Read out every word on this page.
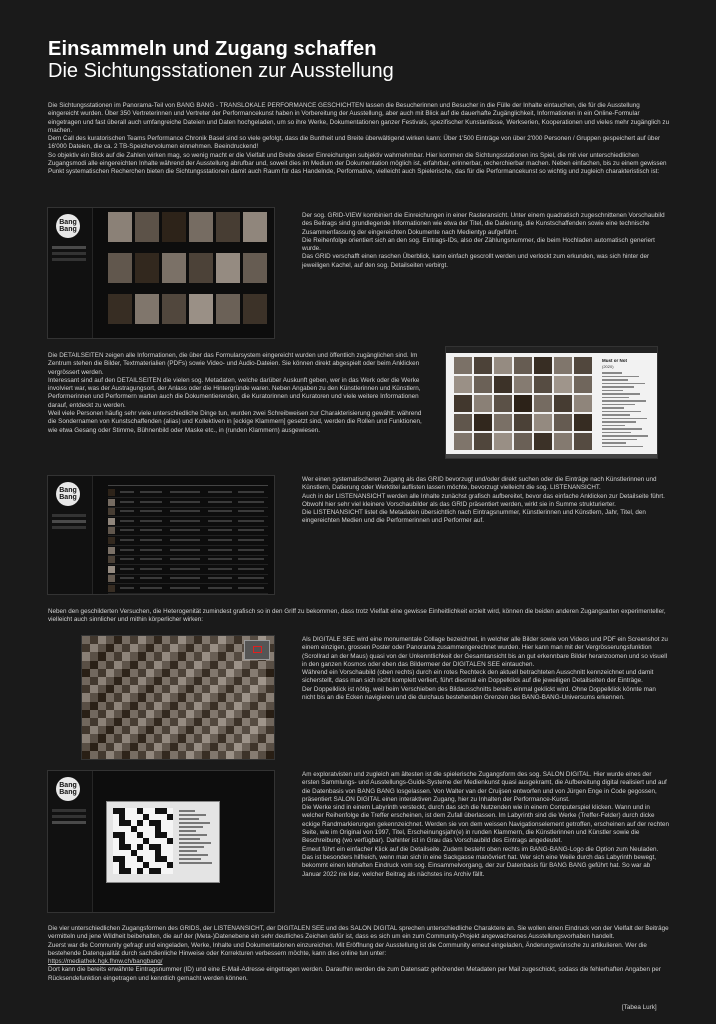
Einsammeln und Zugang schaffen
Die Sichtungsstationen zur Ausstellung

Die Sichtungsstationen im Panorama-Teil von BANG BANG - TRANSLOKALE PERFORMANCE GESCHICHTEN lassen die Besucherinnen und Besucher in die Fülle der Inhalte eintauchen, die für die Ausstellung eingereicht wurden. Über 350 Vertreterinnen und Vertreter der Performancekunst haben in Vorbereitung der Ausstellung, aber auch mit Blick auf die dauerhafte Zugänglichkeit, Informationen in ein Online-Formular eingetragen und fast überall auch umfangreiche Dateien und Daten hochgeladen, um so ihre Werke, Dokumentationen ganzer Festivals, spezifischer Kunstanlässe, Werkserien, Kooperationen und vieles mehr zugänglich zu machen.

Dem Call des kuratorischen Teams Performance Chronik Basel sind so viele gefolgt, dass die Buntheit und Breite überwältigend wirken kann: Über 1'500 Einträge von über 2'000 Personen / Gruppen gespeichert auf über 16'000 Dateien, die ca. 2 TB-Speichervolumen einnehmen. Beeindruckend!

So objektiv ein Blick auf die Zahlen wirken mag, so wenig macht er die Vielfalt und Breite dieser Einreichungen subjektiv wahrnehmbar. Hier kommen die Sichtungsstationen ins Spiel, die mit vier unterschiedlichen Zugangsmodi alle eingereichten Inhalte während der Ausstellung abrufbar und, soweit dies im Medium der Dokumentation möglich ist, erfahrbar, erinnerbar, recherchierbar machen. Neben einfachen, bis zu einem gewissen Punkt systematischen Recherchen bieten die Sichtungsstationen damit auch Raum für das Handelnde, Performative, vielleicht auch Spielerische, das für die Performancekunst so wichtig und zugleich charakteristisch ist:

Bang Bang

Der sog. GRID-VIEW kombiniert die Einreichungen in einer Rasteransicht. Unter einem quadratisch zugeschnittenen Vorschaubild des Beitrags sind grundlegende Informationen wie etwa der Titel, die Datierung, die Kunstschaffenden sowie eine technische Zusammenfassung der eingereichten Dokumente nach Medientyp aufgeführt.

Die Reihenfolge orientiert sich an den sog. Eintrags-IDs, also der Zählungsnummer, die beim Hochladen automatisch generiert wurde.

Das GRID verschafft einen raschen Überblick, kann einfach gescrollt werden und verlockt zum erkunden, was sich hinter der jeweiligen Kachel, auf den sog. Detailseiten verbirgt.

Die DETAILSEITEN zeigen alle Informationen, die über das Formularsystem eingereicht wurden und öffentlich zugänglichen sind. Im Zentrum stehen die Bilder, Textmaterialien (PDFs) sowie Video- und Audio-Dateien. Sie können direkt abgespielt oder beim Anklicken vergrössert werden.

Interessant sind auf den DETAILSEITEN die vielen sog. Metadaten, welche darüber Auskunft geben, wer in das Werk oder die Werke involviert war, was der Austragungsort, der Anlass oder die Hintergründe waren. Neben Angaben zu den Künstlerinnen und Künstlern, Performerinnen und Performern warten auch die Dokumentierenden, die Kuratorinnen und Kuratoren und viele weitere Informationen darauf, entdeckt zu werden.

Weil viele Personen häufig sehr viele unterschiedliche Dinge tun, wurden zwei Schreibweisen zur Charakterisierung gewählt: während die Sondernamen von Kunstschaffenden (alias) und Kollektiven in [eckige Klammern] gesetzt sind, werden die Rollen und Funktionen, wie etwa Gesang oder Stimme, Bühnenbild oder Maske etc., in (runden Klammern) ausgewiesen.

Must or Not
(2020)
Bang Bang

Wer einen systematischeren Zugang als das GRID bevorzugt und/oder direkt suchen oder die Einträge nach Künstlerinnen und Künstlern, Datierung oder Werktitel auflisten lassen möchte, bevorzugt vielleicht die sog. LISTENANSICHT.

Auch in der LISTENANSICHT werden alle Inhalte zunächst grafisch aufbereitet, bevor das einfache Anklicken zur Detailseite führt. Obwohl hier sehr viel kleinere Vorschaubilder als das GRID präsentiert werden, wirkt sie in Summe strukturierter.

Die LISTENANSICHT listet die Metadaten übersichtlich nach Eintragsnummer, Künstlerinnen und Künstlern, Jahr, Titel, den eingereichten Medien und die Performerinnen und Performer auf.

Neben den geschilderten Versuchen, die Heterogenität zumindest grafisch so in den Griff zu bekommen, dass trotz Vielfalt eine gewisse Einheitlichkeit erzielt wird, können die beiden anderen Zugangsarten experimenteller, vielleicht auch sinnlicher und mithin körperlicher wirken:

Als DIGITALE SEE wird eine monumentale Collage bezeichnet, in welcher alle Bilder sowie von Videos und PDF ein Screenshot zu einem einzigen, grossen Poster oder Panorama zusammengerechnet wurden. Hier kann man mit der Vergrösserungsfunktion (Scrollrad an der Maus) quasi von der Unkenntlichkeit der Gesamtansicht bis an gut erkennbare Bilder heranzoomen und so visuell in den ganzen Kosmos oder eben das Bildermeer der DIGITALEN SEE eintauchen.

Während ein Vorschaubild (oben rechts) durch ein rotes Rechteck den aktuell betrachteten Ausschnitt kennzeichnet und damit sicherstellt, dass man sich nicht komplett verliert, führt diesmal ein Doppelklick auf die jeweiligen Detailseiten der Einträge.

Der Doppelklick ist nötig, weil beim Verschieben des Bildausschnitts bereits einmal geklickt wird. Ohne Doppelklick könnte man nicht bis an die Ecken navigieren und die durchaus bestehenden Grenzen des BANG-BANG-Universums erkennen.

Bang Bang

Am exploratvisten und zugleich am ältesten ist die spielerische Zugangsform des sog. SALON DIGITAL. Hier wurde eines der ersten Sammlungs- und Ausstellungs-Guide-Systeme der Medienkunst quasi ausgekramt, die Aufbereitung digital realisiert und auf die Datenbasis von BANG BANG losgelassen. Von Walter van der Cruijsen entworfen und von Jürgen Enge in Code gegossen, präsentiert SALON DIGITAL einen interaktiven Zugang, hier zu Inhalten der Performance-Kunst.

Die Werke sind in einem Labyrinth versteckt, durch das sich die Nutzenden wie in einem Computerspiel klicken. Wann und in welcher Reihenfolge die Treffer erscheinen, ist dem Zufall überlassen. Im Labyrinth sind die Werke (Treffer-Felder) durch dicke eckige Randmarkierungen gekennzeichnet. Werden sie von dem weissen Navigationselement getroffen, erscheinen auf der rechten Seite, wie im Original von 1997, Titel, Erscheinungsjahr(e) in runden Klammern, die Künstlerinnen und Künstler sowie die Beschreibung (wo verfügbar). Dahinter ist in Grau das Vorschaubild des Eintrags angedeutet.

Erneut führt ein einfacher Klick auf die Detailseite. Zudem besteht oben rechts im BANG-BANG-Logo die Option zum Neuladen. Das ist besonders hilfreich, wenn man sich in eine Sackgasse manövriert hat. Wer sich eine Weile durch das Labyrinth bewegt, bekommt einen lebhaften Eindruck vom sog. Einsammelvorgang, der zur Datenbasis für BANG BANG geführt hat. So war ab Januar 2022 nie klar, welcher Beitrag als nächstes ins Archiv fällt.

Die vier unterschiedlichen Zugangsformen des GRIDS, der LISTENANSICHT, der DIGITALEN SEE und des SALON DIGITAL sprechen unterschiedliche Charaktere an. Sie wollen einen Eindruck von der Vielfalt der Beiträge vermitteln und jene Wildheit beibehalten, die auf der (Meta-)Datenebene ein sehr deutliches Zeichen dafür ist, dass es sich um ein zum Community-Projekt angewachsenes Ausstellungsvorhaben handelt.

Zuerst war die Community gefragt und eingeladen, Werke, Inhalte und Dokumentationen einzureichen. Mit Eröffnung der Ausstellung ist die Community erneut eingeladen, Änderungswünsche zu artikulieren. Wer die bestehende Datenqualität durch sachdienliche Hinweise oder Korrekturen verbessern möchte, kann dies online tun unter:

https://mediathek.hgk.fhnw.ch/bangbang/

Dort kann die bereits erwähnte Eintragsnummer (ID) und eine E-Mail-Adresse eingetragen werden. Daraufhin werden die zum Datensatz gehörenden Metadaten per Mail zugeschickt, sodass die fehlerhaften Angaben per Rücksendefunktion eingetragen und kenntlich gemacht werden können.

[Tabea Lurk]
